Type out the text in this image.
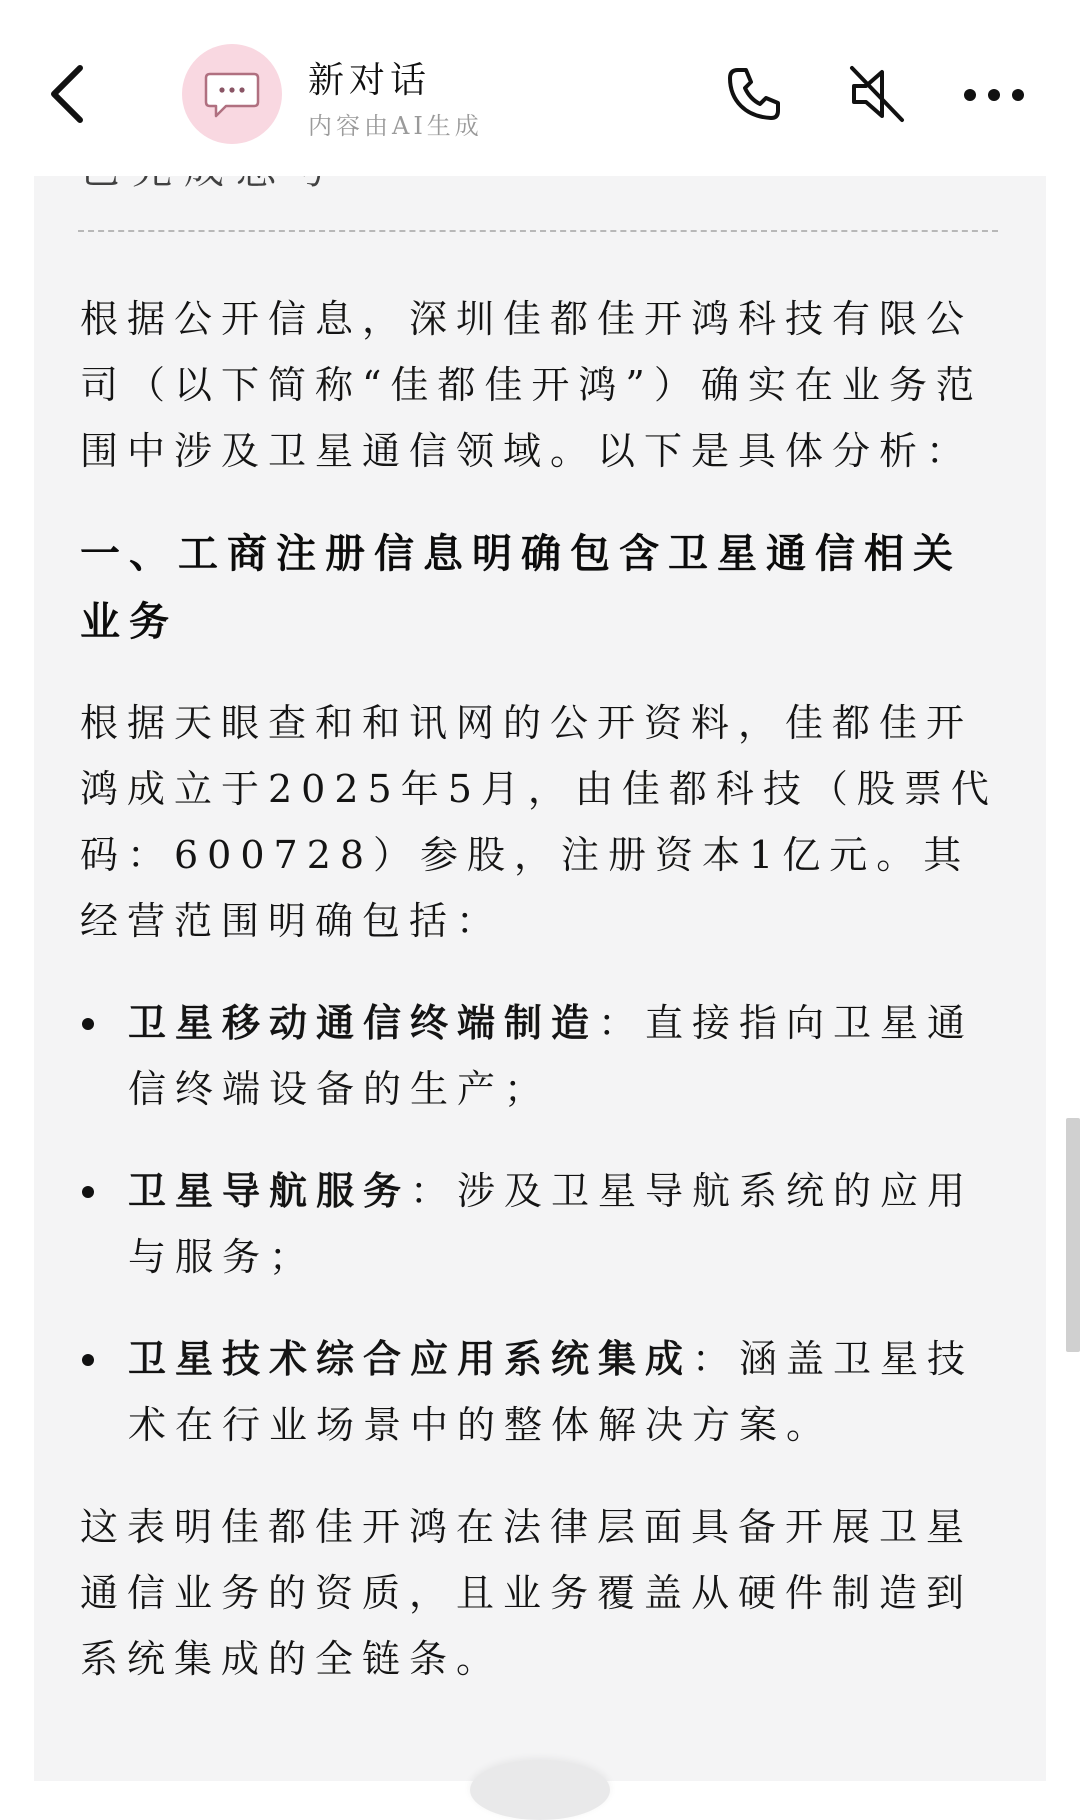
新对话
内容由AI生成

根据公开信息，深圳佳都佳开鸿科技有限公司（以下简称“佳都佳开鸿”）确实在业务范围中涉及卫星通信领域。以下是具体分析：

一、工商注册信息明确包含卫星通信相关业务

根据天眼查和和讯网的公开资料，佳都佳开鸿成立于2025年5月，由佳都科技（股票代码：600728）参股，注册资本1亿元。其经营范围明确包括：

卫星移动通信终端制造：直接指向卫星通信终端设备的生产；
卫星导航服务：涉及卫星导航系统的应用与服务；
卫星技术综合应用系统集成：涵盖卫星技术在行业场景中的整体解决方案。

这表明佳都佳开鸿在法律层面具备开展卫星通信业务的资质，且业务覆盖从硬件制造到系统集成的全链条。
